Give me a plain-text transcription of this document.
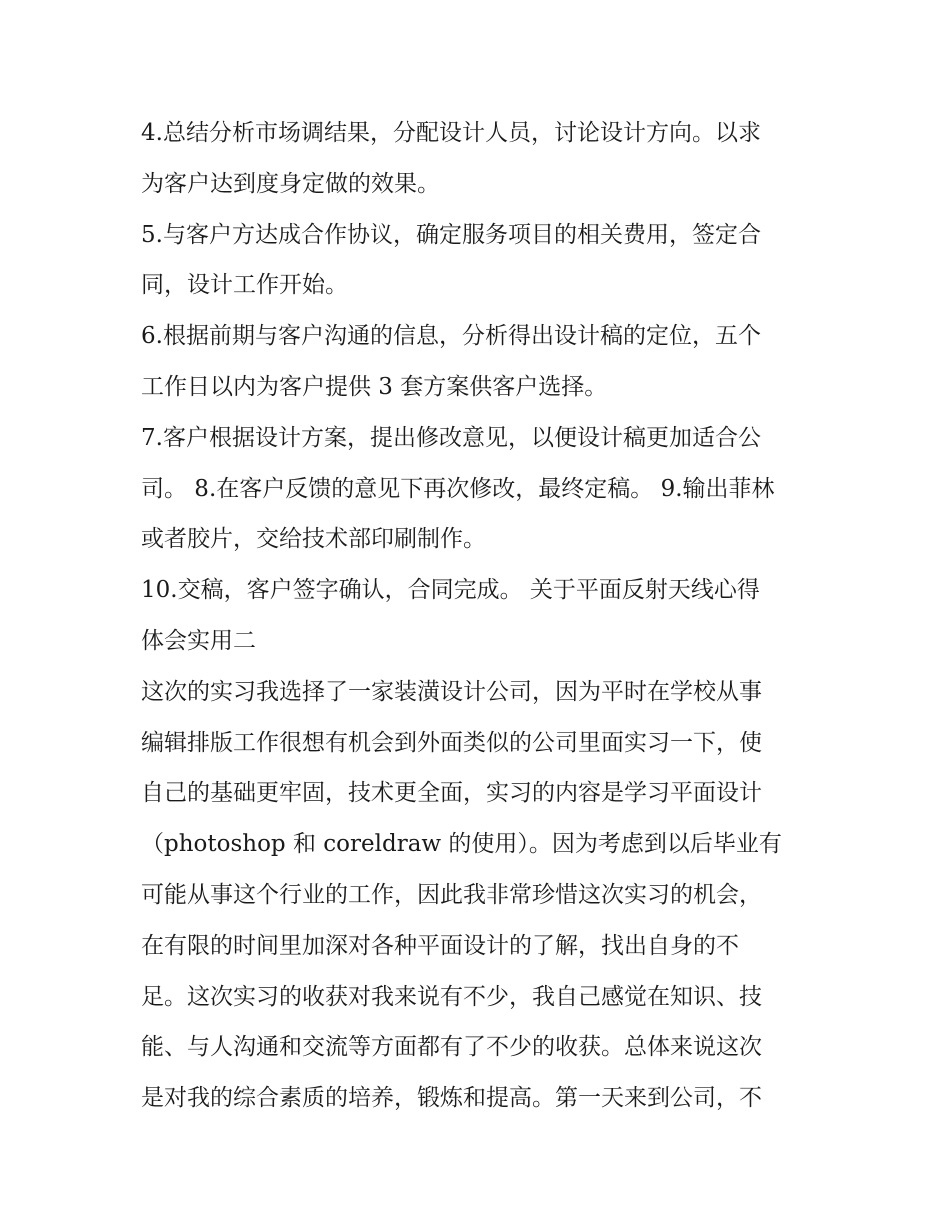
4.总结分析市场调结果，分配设计人员，讨论设计方向。以求
为客户达到度身定做的效果。
5.与客户方达成合作协议，确定服务项目的相关费用，签定合
同，设计工作开始。
6.根据前期与客户沟通的信息，分析得出设计稿的定位，五个
工作日以内为客户提供 3 套方案供客户选择。
7.客户根据设计方案，提出修改意见，以便设计稿更加适合公
司。 8.在客户反馈的意见下再次修改，最终定稿。 9.输出菲林
或者胶片，交给技术部印刷制作。
10.交稿，客户签字确认，合同完成。 关于平面反射天线心得
体会实用二
这次的实习我选择了一家装潢设计公司，因为平时在学校从事
编辑排版工作很想有机会到外面类似的公司里面实习一下，使
自己的基础更牢固，技术更全面，实习的内容是学习平面设计
（photoshop 和 coreldraw 的使用）。因为考虑到以后毕业有
可能从事这个行业的工作，因此我非常珍惜这次实习的机会，
在有限的时间里加深对各种平面设计的了解，找出自身的不
足。这次实习的收获对我来说有不少，我自己感觉在知识、技
能、与人沟通和交流等方面都有了不少的收获。总体来说这次
是对我的综合素质的培养，锻炼和提高。第一天来到公司，不
